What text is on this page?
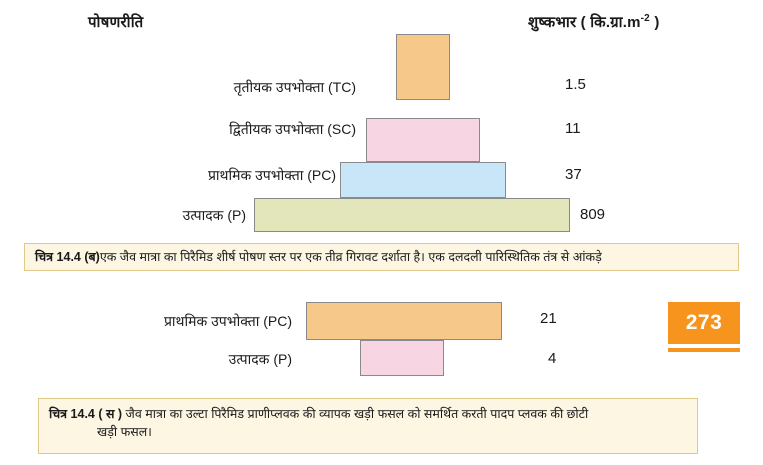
पोषणरीति	शुष्कभार ( $कि.ग्रा.m^{-2}$ )
तृतीयक उपभोक्ता (TC)
द्वितीयक उपभोक्ता (SC)
प्राथमिक उपभोक्ता (PC)
उत्पादक (P)
1.5
11
37
809
चित्र 14.4 (ब) एक जैव मात्रा का पिरैमिड शीर्ष पोषण स्तर पर एक तीव्र गिरावट दर्शाता है। एक दलदली पारिस्थितिक तंत्र से आंकड़े
प्राथमिक उपभोक्ता (PC)
उत्पादक (P)
21
4
273
चित्र 14.4 ( स ) जैव मात्रा का उल्टा पिरैमिड प्राणीप्लवक की व्यापक खड़ी फसल को समर्थित करती पादप प्लवक की छोटी
खड़ी फसल।
